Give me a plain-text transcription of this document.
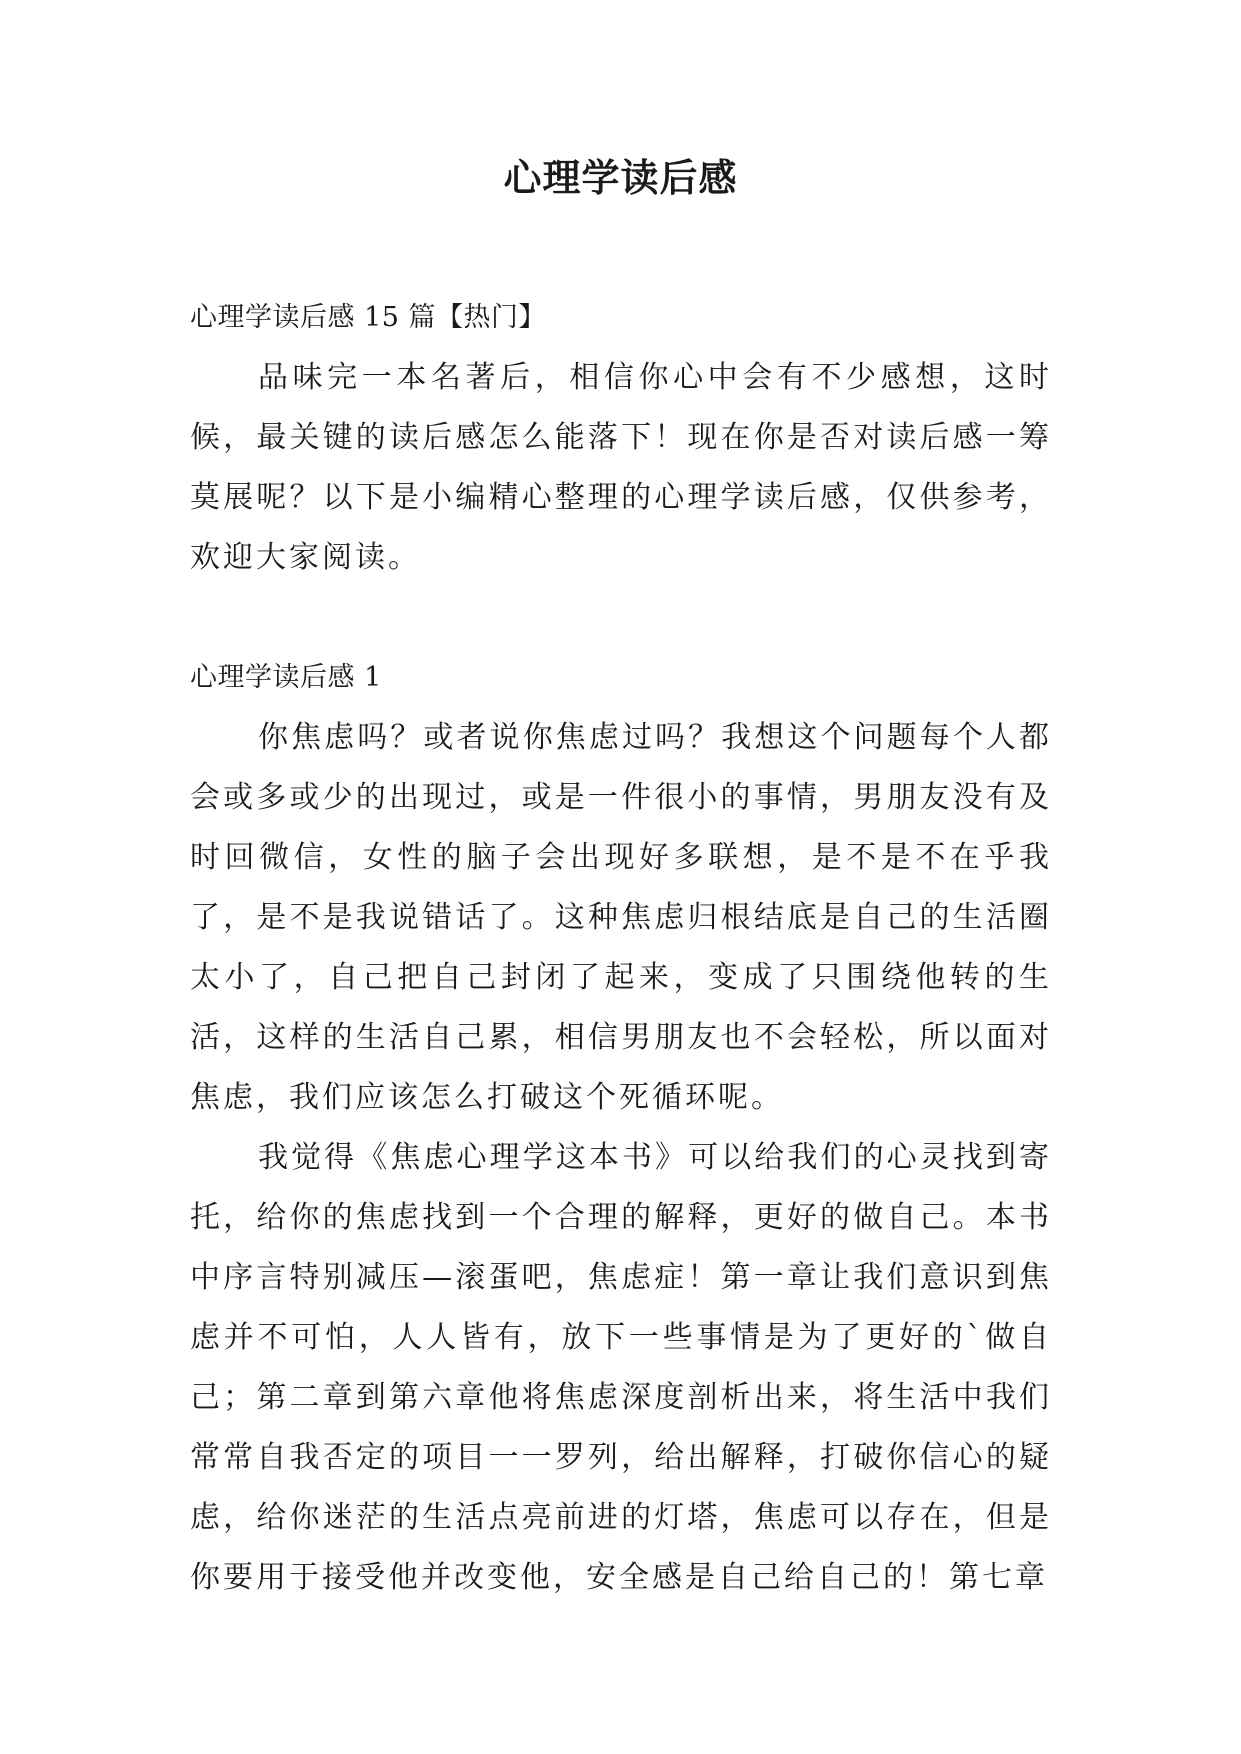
心理学读后感

心理学读后感 15 篇【热门】

品味完一本名著后，相信你心中会有不少感想，这时候，最关键的读后感怎么能落下！现在你是否对读后感一筹莫展呢？以下是小编精心整理的心理学读后感，仅供参考，欢迎大家阅读。

心理学读后感 1

你焦虑吗？或者说你焦虑过吗？我想这个问题每个人都会或多或少的出现过，或是一件很小的事情，男朋友没有及时回微信，女性的脑子会出现好多联想，是不是不在乎我了，是不是我说错话了。这种焦虑归根结底是自己的生活圈太小了，自己把自己封闭了起来，变成了只围绕他转的生活，这样的生活自己累，相信男朋友也不会轻松，所以面对焦虑，我们应该怎么打破这个死循环呢。

我觉得《焦虑心理学这本书》可以给我们的心灵找到寄托，给你的焦虑找到一个合理的解释，更好的做自己。本书中序言特别减压—滚蛋吧，焦虑症！第一章让我们意识到焦虑并不可怕，人人皆有，放下一些事情是为了更好的`做自己；第二章到第六章他将焦虑深度剖析出来，将生活中我们常常自我否定的项目一一罗列，给出解释，打破你信心的疑虑，给你迷茫的生活点亮前进的灯塔，焦虑可以存在，但是你要用于接受他并改变他，安全感是自己给自己的！第七章
